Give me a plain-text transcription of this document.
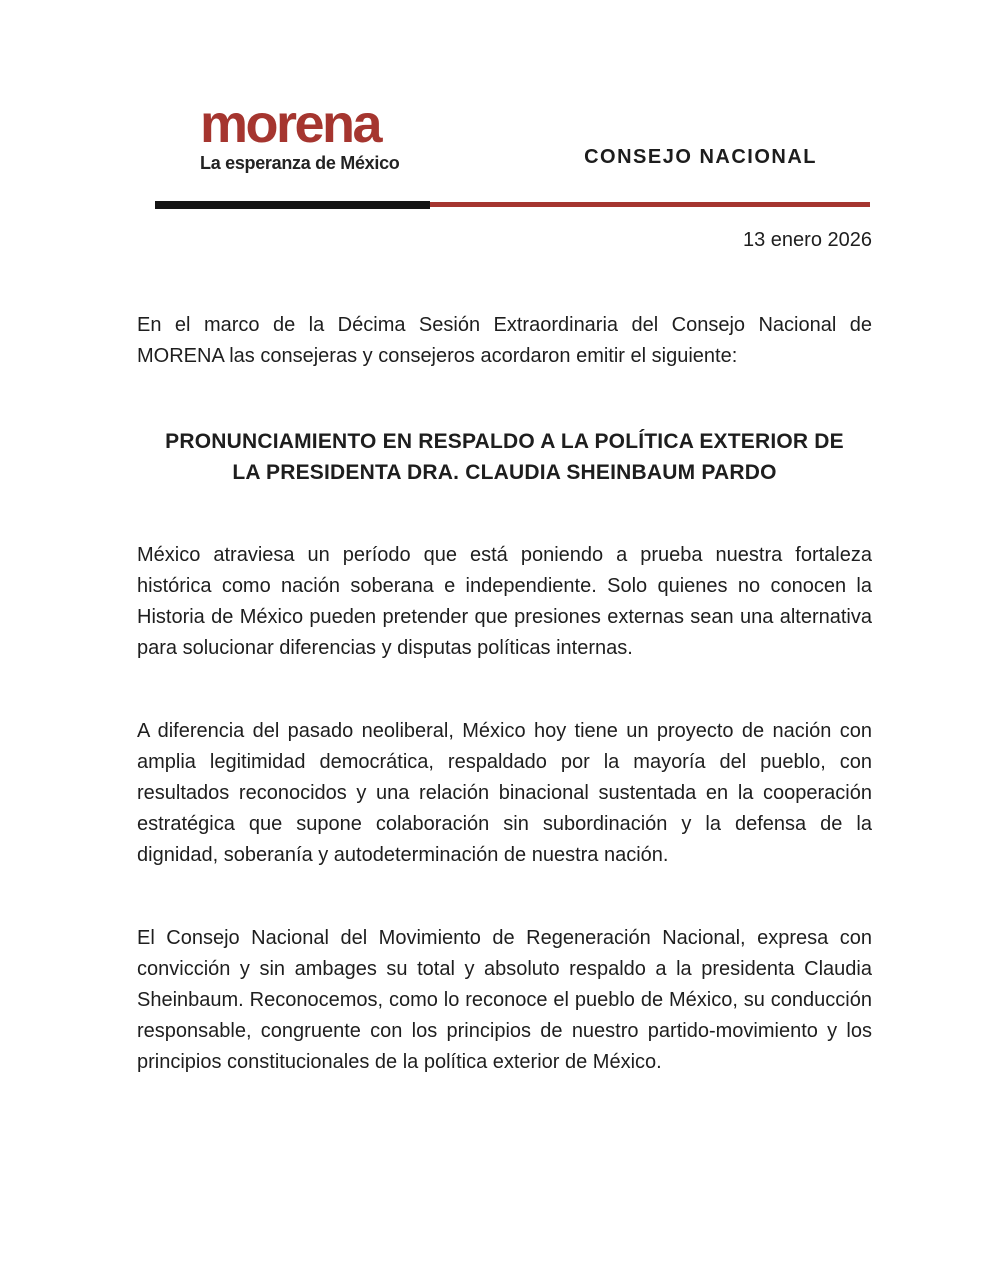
morena
La esperanza de México	CONSEJO NACIONAL
13 enero 2026

En el marco de la Décima Sesión Extraordinaria del Consejo Nacional de MORENA las consejeras y consejeros acordaron emitir el siguiente:

PRONUNCIAMIENTO EN RESPALDO A LA POLÍTICA EXTERIOR DE
LA PRESIDENTA DRA. CLAUDIA SHEINBAUM PARDO

México atraviesa un período que está poniendo a prueba nuestra fortaleza histórica como nación soberana e independiente. Solo quienes no conocen la Historia de México pueden pretender que presiones externas sean una alternativa para solucionar diferencias y disputas políticas internas.

A diferencia del pasado neoliberal, México hoy tiene un proyecto de nación con amplia legitimidad democrática, respaldado por la mayoría del pueblo, con resultados reconocidos y una relación binacional sustentada en la cooperación estratégica que supone colaboración sin subordinación y la defensa de la dignidad, soberanía y autodeterminación de nuestra nación.

El Consejo Nacional del Movimiento de Regeneración Nacional, expresa con convicción y sin ambages su total y absoluto respaldo a la presidenta Claudia Sheinbaum. Reconocemos, como lo reconoce el pueblo de México, su conducción responsable, congruente con los principios de nuestro partido-movimiento y los principios constitucionales de la política exterior de México.
